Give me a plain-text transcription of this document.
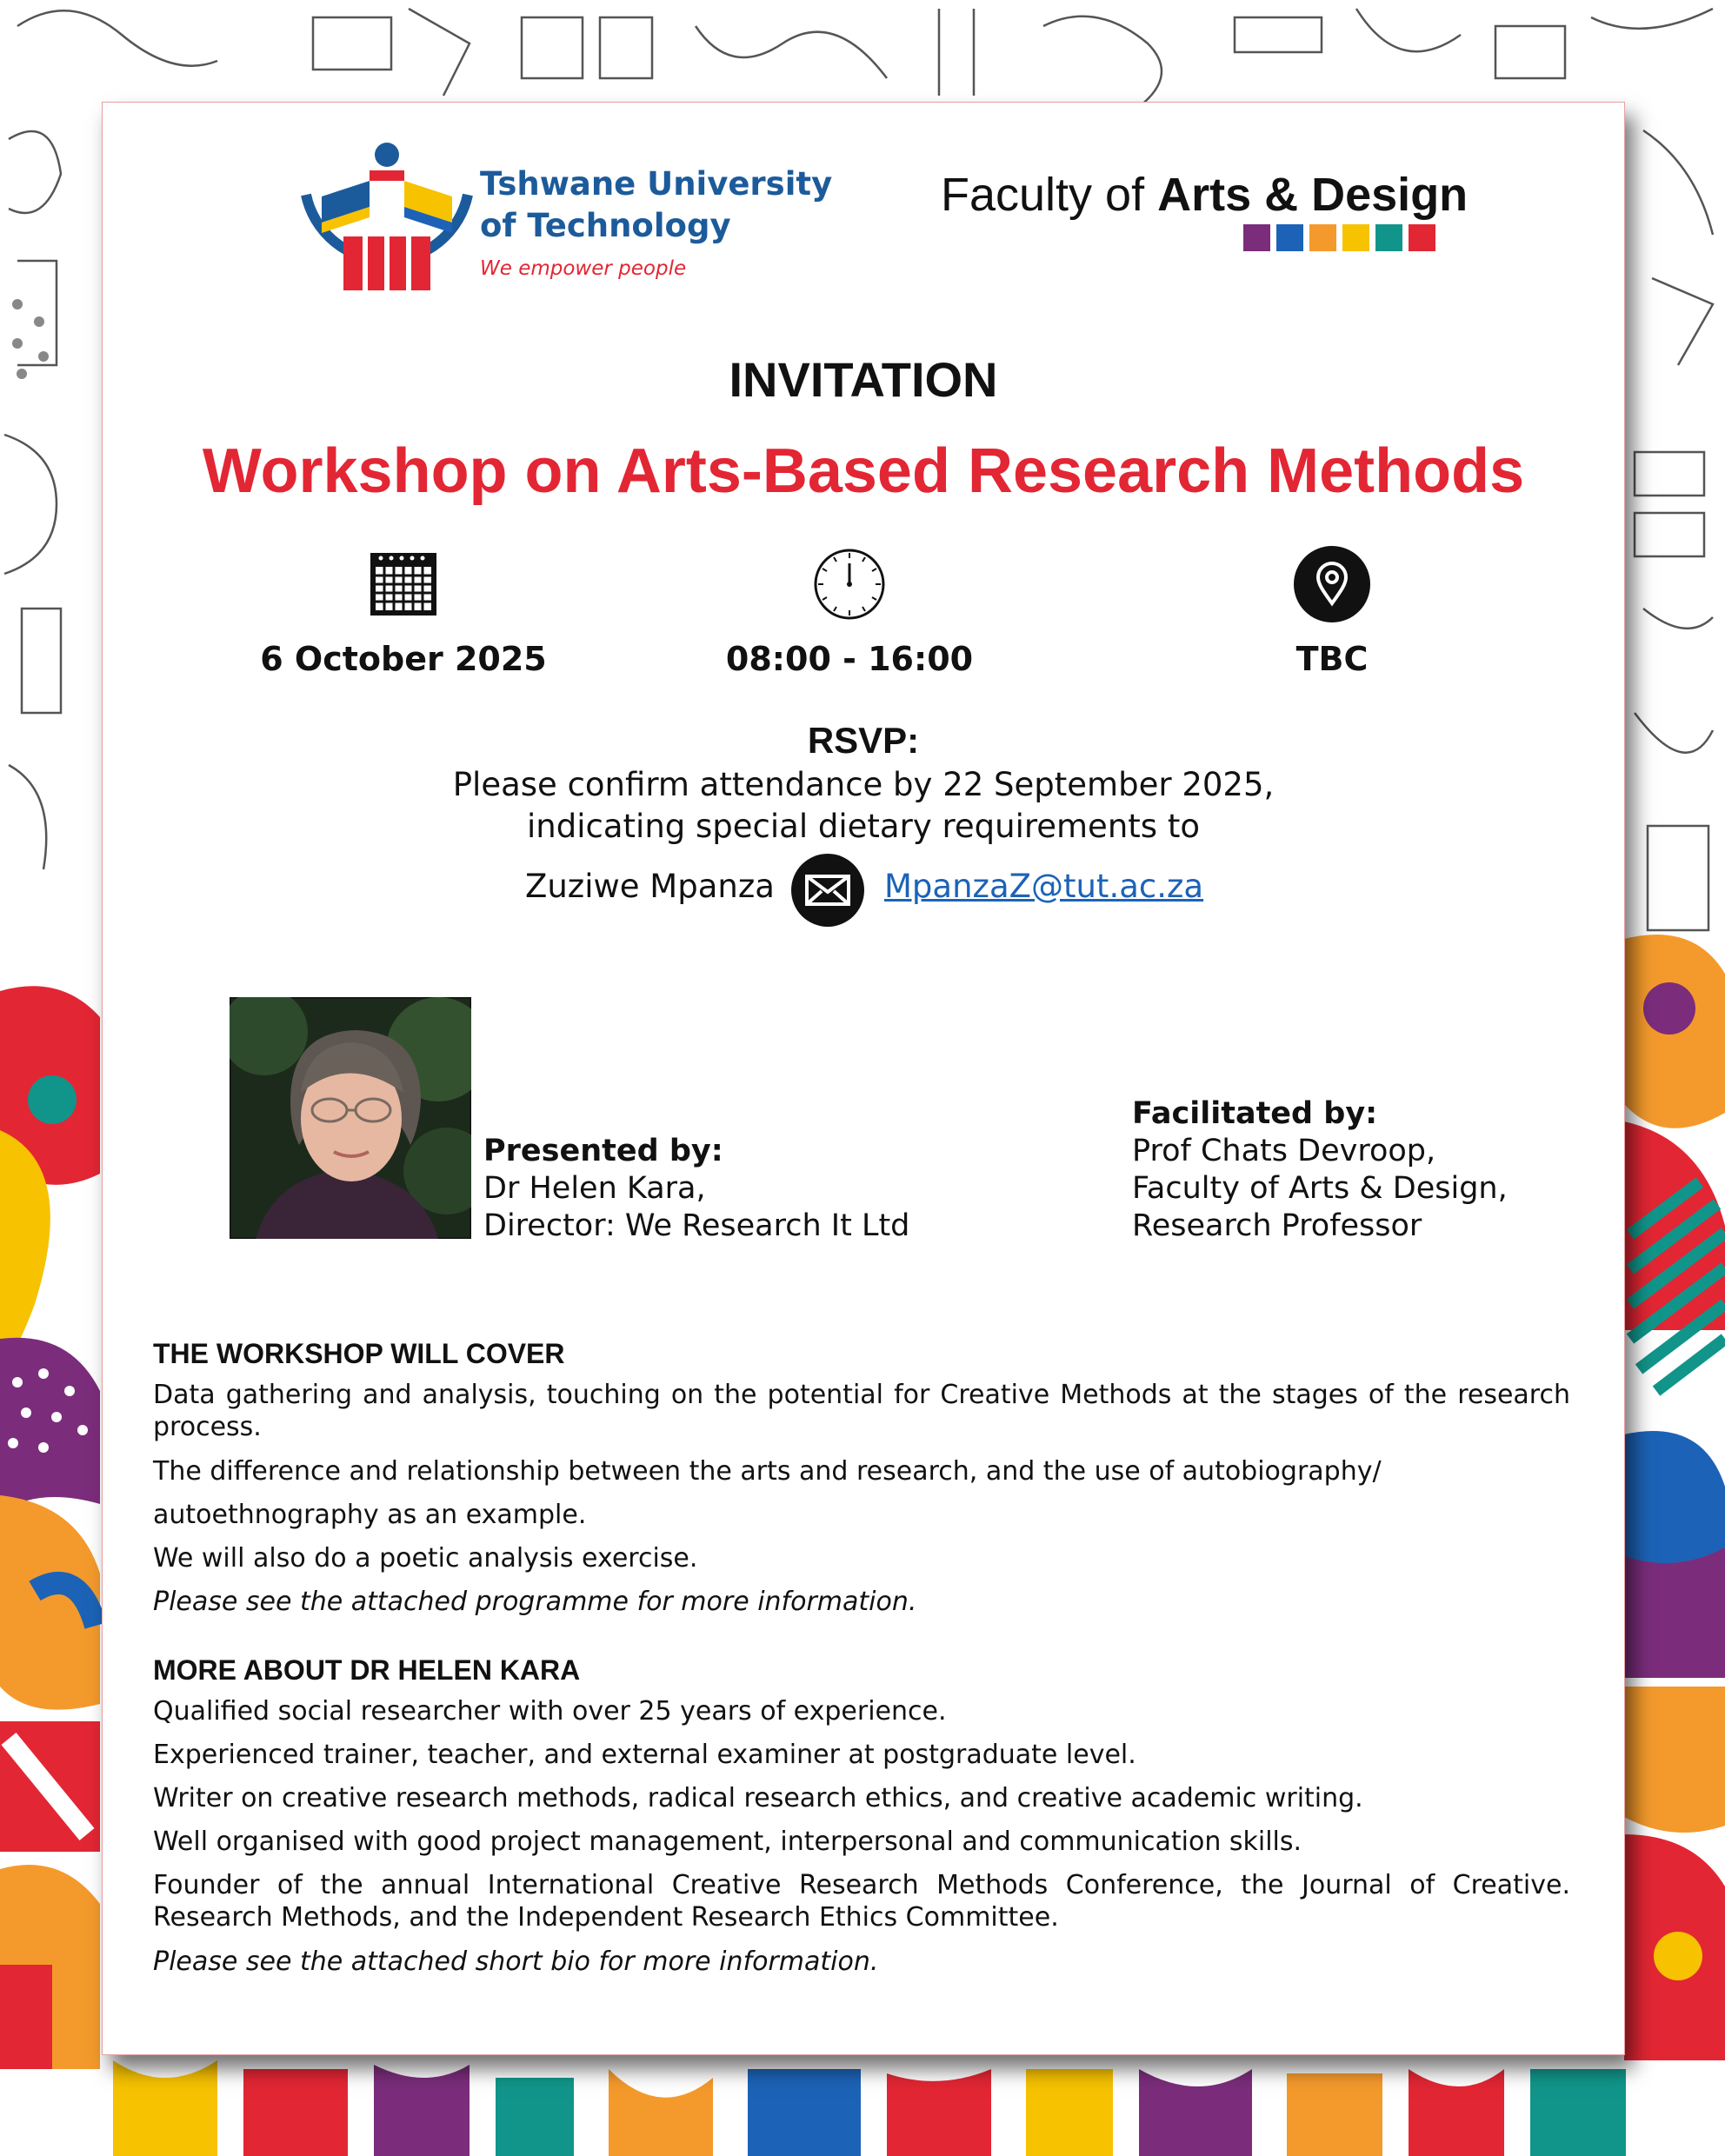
Tshwane University
of Technology
We empower people
Faculty of Arts & Design
INVITATION
Workshop on Arts-Based Research Methods
6 October 2025	08:00 - 16:00	TBC
RSVP:
Please confirm attendance by 22 September 2025,
indicating special dietary requirements to
Zuziwe Mpanza	MpanzaZ@tut.ac.za
Presented by:
Dr Helen Kara,
Director: We Research It Ltd
Facilitated by:
Prof Chats Devroop,
Faculty of Arts & Design,
Research Professor
THE WORKSHOP WILL COVER
Data gathering and analysis, touching on the potential for Creative Methods at the stages of the research process.
The difference and relationship between the arts and research, and the use of autobiography/
autoethnography as an example.
We will also do a poetic analysis exercise.
Please see the attached programme for more information.
MORE ABOUT DR HELEN KARA
Qualified social researcher with over 25 years of experience.
Experienced trainer, teacher, and external examiner at postgraduate level.
Writer on creative research methods, radical research ethics, and creative academic writing.
Well organised with good project management, interpersonal and communication skills.
Founder of the annual International Creative Research Methods Conference, the Journal of Creative. Research Methods, and the Independent Research Ethics Committee.
Please see the attached short bio for more information.
